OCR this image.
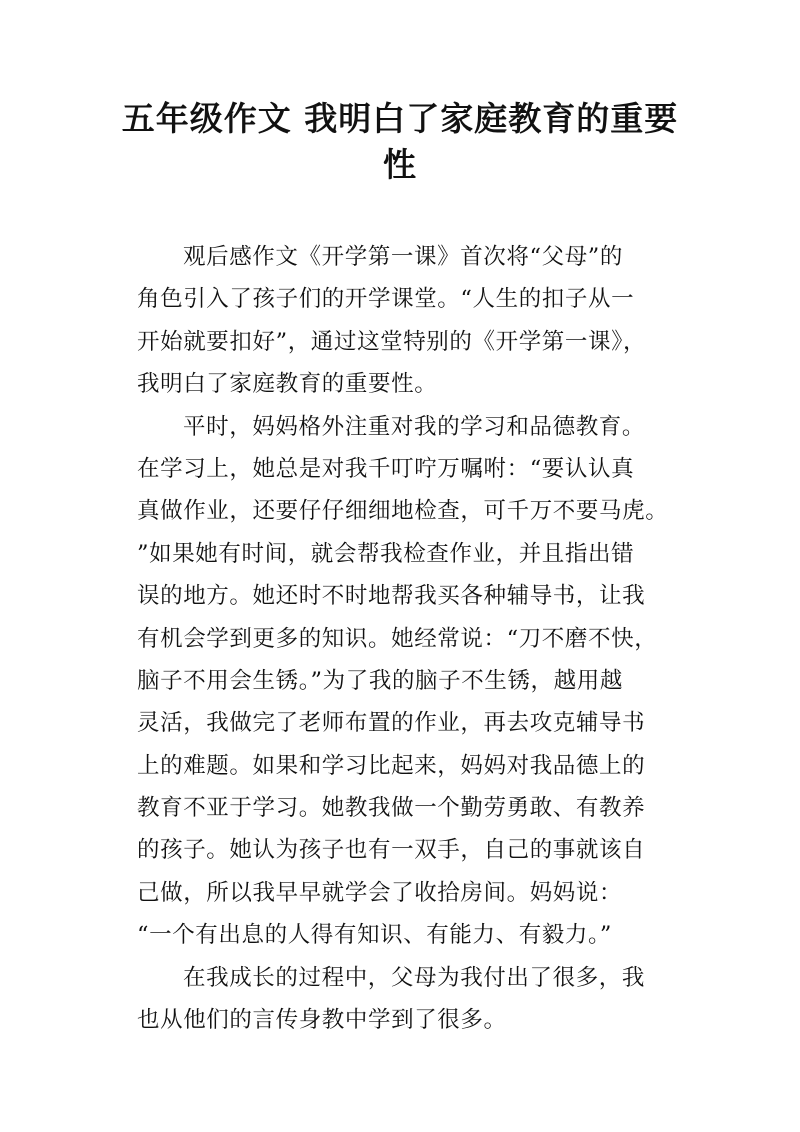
五年级作文 我明白了家庭教育的重要性
观后感作文《开学第一课》首次将“父母”的
角色引入了孩子们的开学课堂。“人生的扣子从一
开始就要扣好”，通过这堂特别的《开学第一课》，
我明白了家庭教育的重要性。
平时，妈妈格外注重对我的学习和品德教育。
在学习上，她总是对我千叮咛万嘱咐：“要认认真
真做作业，还要仔仔细细地检查，可千万不要马虎。
”如果她有时间，就会帮我检查作业，并且指出错
误的地方。她还时不时地帮我买各种辅导书，让我
有机会学到更多的知识。她经常说：“刀不磨不快，
脑子不用会生锈。”为了我的脑子不生锈，越用越
灵活，我做完了老师布置的作业，再去攻克辅导书
上的难题。如果和学习比起来，妈妈对我品德上的
教育不亚于学习。她教我做一个勤劳勇敢、有教养
的孩子。她认为孩子也有一双手，自己的事就该自
己做，所以我早早就学会了收拾房间。妈妈说：
“一个有出息的人得有知识、有能力、有毅力。”
在我成长的过程中，父母为我付出了很多，我
也从他们的言传身教中学到了很多。
